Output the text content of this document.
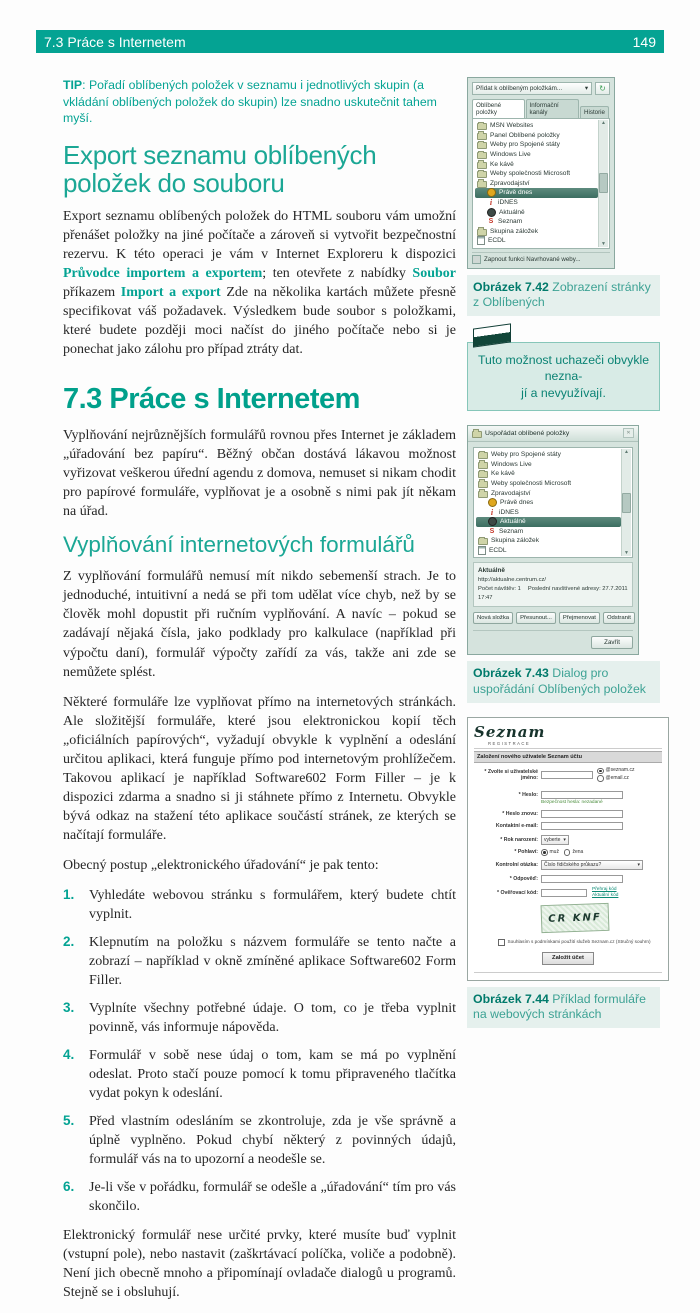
7.3 Práce s Internetem	149

TIP: Pořadí oblíbených položek v seznamu i jednotlivých skupin (a vkládání oblíbených položek do skupin) lze snadno uskutečnit tahem myší.

Export seznamu oblíbených položek do souboru

Export seznamu oblíbených položek do HTML souboru vám umožní přenášet položky na jiné počítače a zároveň si vytvořit bezpečnostní rezervu. K této operaci je vám v Internet Exploreru k dispozici Průvodce importem a exportem; ten otevřete z nabídky Soubor příkazem Import a export Zde na několika kartách můžete přesně specifikovat váš požadavek. Výsledkem bude soubor s položkami, které budete později moci načíst do jiného počítače nebo si je ponechat jako zálohu pro případ ztráty dat.

7.3 Práce s Internetem

Vyplňování nejrůznějších formulářů rovnou přes Internet je základem „úřadování bez papíru“. Běžný občan dostává lákavou možnost vyřizovat veškerou úřední agendu z domova, nemuset si nikam chodit pro papírové formuláře, vyplňovat je a osobně s nimi pak jít někam na úřad.

Vyplňování internetových formulářů

Z vyplňování formulářů nemusí mít nikdo sebemenší strach. Je to jednoduché, intuitivní a nedá se při tom udělat více chyb, než by se člověk mohl dopustit při ručním vyplňování. A navíc – pokud se zadávají nějaká čísla, jako podklady pro kalkulace (například při výpočtu daní), formulář výpočty zařídí za vás, takže ani zde se nemůžete splést.

Některé formuláře lze vyplňovat přímo na internetových stránkách. Ale složitější formuláře, které jsou elektronickou kopií těch „oficiálních papírových“, vyžadují obvykle k vyplnění a odeslání určitou aplikaci, která funguje přímo pod internetovým prohlížečem. Takovou aplikací je například Software602 Form Filler – je k dispozici zdarma a snadno si ji stáhnete přímo z Internetu. Obvykle bývá odkaz na stažení této aplikace součástí stránek, ze kterých se načítají formuláře.

Obecný postup „elektronického úřadování“ je pak tento:

Vyhledáte webovou stránku s formulářem, který budete chtít vyplnit.
Klepnutím na položku s názvem formuláře se tento načte a zobrazí – například v okně zmíněné aplikace Software602 Form Filler.
Vyplníte všechny potřebné údaje. O tom, co je třeba vyplnit povinně, vás informuje nápověda.
Formulář v sobě nese údaj o tom, kam se má po vyplnění odeslat. Proto stačí pouze pomocí k tomu připraveného tlačítka vydat pokyn k odeslání.
Před vlastním odesláním se zkontroluje, zda je vše správně a úplně vyplněno. Pokud chybí některý z povinných údajů, formulář vás na to upozorní a neodešle se.
Je-li vše v pořádku, formulář se odešle a „úřadování“ tím pro vás skončilo.

Elektronický formulář nese určité prvky, které musíte buď vyplnit (vstupní pole), nebo nastavit (zaškrtávací políčka, voliče a podobně). Není jich obecně mnoho a připomínají ovladače dialogů u programů. Stejně se i obsluhují.

Přidat k oblíbeným položkám...	▾ ↻
Oblíbené položky
Informační kanály	Historie
MSN Websites
Panel Oblíbené položky
Weby pro Spojené státy
Windows Live
Ke kávě
Weby společnosti Microsoft
Zpravodajství
Právě dnes
i
iDNES
Aktuálně
S
Seznam
Skupina záložek
ECDL
▲
▼
Zapnout funkci Navrhované weby...

Obrázek 7.42 Zobrazení stránky z Oblíbených

Tuto možnost uchazeči obvykle nezna-
jí a nevyužívají.
Uspořádat oblíbené položky	✕
Weby pro Spojené státy
Windows Live
Ke kávě
Weby společnosti Microsoft
Zpravodajství
Právě dnes
i
iDNES
Aktuálně
S
Seznam
Skupina záložek
ECDL
▲
▼
Aktuálně
http://aktualne.centrum.cz/
Počet návštěv: 1 Poslední navštívené adresy: 27.7.2011 17:47
Nová složka	Přesunout...	Přejmenovat	Odstranit
Zavřít

Obrázek 7.43 Dialog pro uspořádání Oblíbených položek

Seznam
REGISTRACE
Založení nového uživatele Seznam účtu
* Zvolte si uživatelské jméno:
@seznam.cz
@email.cz
* Heslo:
Bezpečnost hesla: nezadané
* Heslo znovu:
Kontaktní e-mail:
* Rok narození:	vyberte ▾
* Pohlaví:	muž	žena
Kontrolní otázka:	Číslo řidičského průkazu?	▾
* Odpověď:
* Ověřovací kód:
Přehraj kód
Aktuální kód
CR KNF
Souhlasím s podmínkami použití služeb Seznam.cz (Stručný souhrn)
Založit účet

Obrázek 7.44 Příklad formuláře na webových stránkách
